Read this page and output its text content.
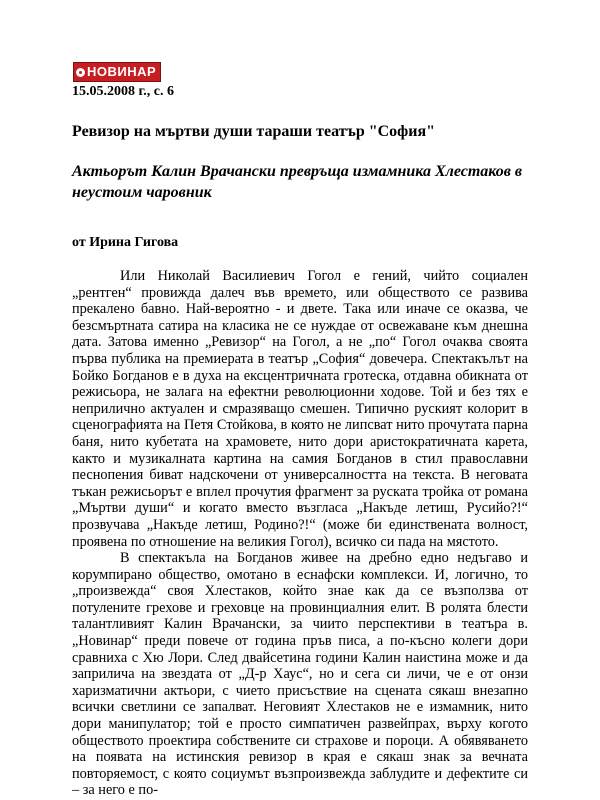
НОВИНАР
15.05.2008 г., с. 6
Ревизор на мъртви души тараши театър "София"
Актьорът Калин Врачански превръща измамника Хлестаков в неустоим чаровник
от Ирина Гигова

Или Николай Василиевич Гогол е гений, чийто социален „рентген“ провижда далеч във времето, или обществото се развива прекалено бавно. Най-вероятно - и двете. Така или иначе се оказва, че безсмъртната сатира на класика не се нуждае от освежаване към днешна дата. Затова именно „Ревизор“ на Гогол, а не „по“ Гогол очаква своята първа публика на премиерата в театър „София“ довечера. Спектакълът на Бойко Богданов е в духа на ексцентричната гротеска, отдавна обикната от режисьора, не залага на ефектни революционни ходове. Той и без тях е неприлично актуален и смразяващо смешен. Типично руският колорит в сценографията на Петя Стойкова, в която не липсват нито прочутата парна баня, нито кубетата на храмовете, нито дори аристократичната карета, както и музикалната картина на самия Богданов в стил православни песнопения биват надскочени от универсалността на текста. В неговата тъкан режисьорът е вплел прочутия фрагмент за руската тройка от романа „Мъртви души“ и когато вместо възгласа „Накъде летиш, Русийо?!“ прозвучава „Накъде летиш, Родино?!“ (може би единствената волност, проявена по отношение на великия Гогол), всичко си пада на мястото.

В спектакъла на Богданов живее на дребно едно недъгаво и корумпирано общество, омотано в еснафски комплекси. И, логично, то „произвежда“ своя Хлестаков, който знае как да се възползва от потулените грехове и греховце на провинциалния елит. В ролята блести талантливият Калин Врачански, за чиито перспективи в театъра в. „Новинар“ преди повече от година пръв писа, а по-късно колеги дори сравниха с Хю Лори. След двайсетина години Калин наистина може и да заприлича на звездата от „Д-р Хаус“, но и сега си личи, че е от онзи харизматични актьори, с чието присъствие на сцената сякаш внезапно всички светлини се запалват. Неговият Хлестаков не е измамник, нито дори манипулатор; той е просто симпатичен развейпрах, върху когото обществото проектира собствените си страхове и пороци. А обявяването на появата на истинския ревизор в края е сякаш знак за вечната повторяемост, с която социумът възпроизвежда заблудите и дефектите си – за него е по-
